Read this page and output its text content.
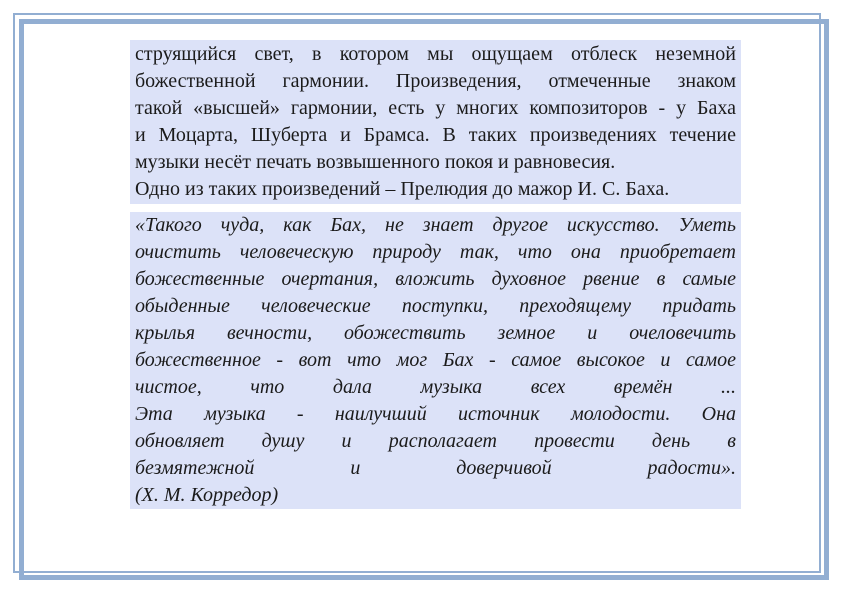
струящийся свет, в котором мы ощущаем отблеск неземной
божественной гармонии. Произведения, отмеченные знаком
такой «высшей» гармонии, есть у многих композиторов - у Баха
и Моцарта, Шуберта и Брамса. В таких произведениях течение
музыки несёт печать возвышенного покоя и равновесия.
Одно из таких произведений – Прелюдия до мажор И. С. Баха.
«Такого чуда, как Бах, не знает другое искусство. Уметь
очистить человеческую природу так, что она приобретает
божественные очертания, вложить духовное рвение в самые
обыденные человеческие поступки, преходящему придать
крылья вечности, обожествить земное и очеловечить
божественное - вот что мог Бах - самое высокое и самое
чистое, что дала музыка всех времён ...
Эта музыка - наилучший источник молодости. Она
обновляет душу и располагает провести день в
безмятежной и доверчивой радости».
(Х. М. Корредор)
